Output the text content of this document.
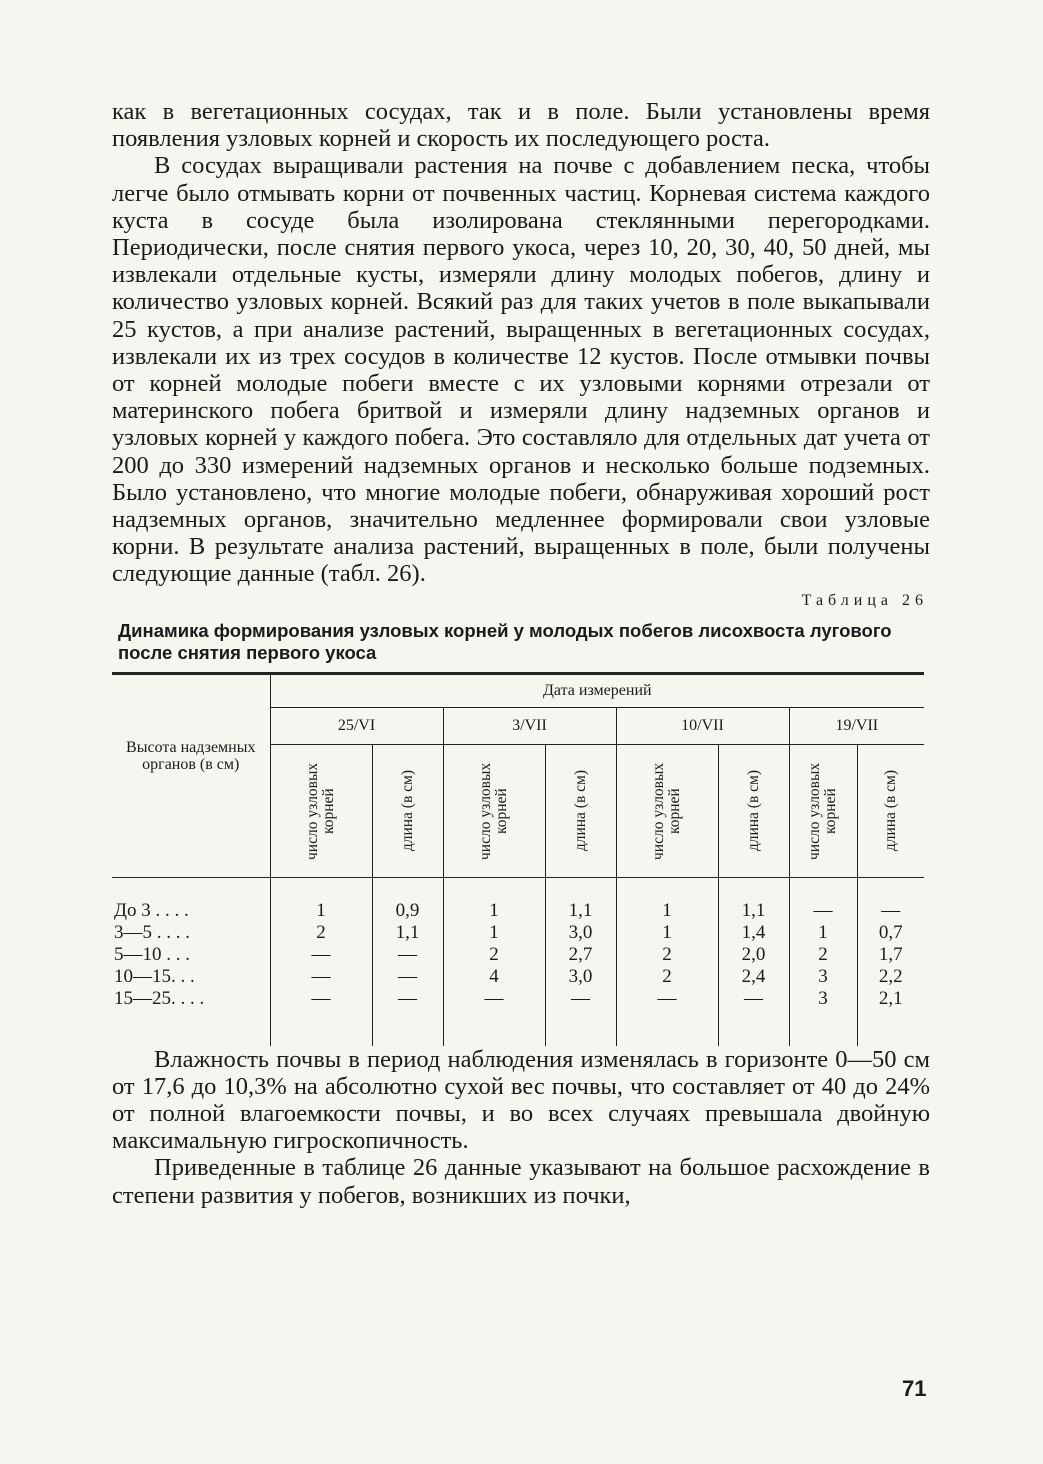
как в вегетационных сосудах, так и в поле. Были установлены время появления узловых корней и скорость их последующего роста.

В сосудах выращивали растения на почве с добавлением песка, чтобы легче было отмывать корни от почвенных частиц. Корневая система каждого куста в сосуде была изолирована стеклянными перегородками. Периодически, после снятия первого укоса, через 10, 20, 30, 40, 50 дней, мы извлекали отдельные кусты, измеряли длину молодых побегов, длину и количество узловых корней. Всякий раз для таких учетов в поле выкапывали 25 кустов, а при анализе растений, выращенных в вегетационных сосудах, извлекали их из трех сосудов в количестве 12 кустов. После отмывки почвы от корней молодые побеги вместе с их узловыми корнями отрезали от материнского побега бритвой и измеряли длину надземных органов и узловых корней у каждого побега. Это составляло для отдельных дат учета от 200 до 330 измерений надземных органов и несколько больше подземных. Было установлено, что многие молодые побеги, обнаруживая хороший рост надземных органов, значительно медленнее формировали свои узловые корни. В результате анализа растений, выращенных в поле, были получены следующие данные (табл. 26).

Таблица 26
Динамика формирования узловых корней у молодых побегов лисохвоста лугового после снятия первого укоса
Высота надземных органов (в см)	Дата измерений							
	25/VI		3/VII		10/VII		19/VII	

	число узловых корней	длина (в см)	число узловых корней	длина (в см)	число узловых корней	длина (в см)	число узловых корней	длина (в см)

До 3 . . . .	1	0,9	1	1,1	1	1,1	—	—
3—5 . . . .	2	1,1	1	3,0	1	1,4	1	0,7
5—10 . . .	—	—	2	2,7	2	2,0	2	1,7
10—15. . .	—	—	4	3,0	2	2,4	3	2,2
15—25. . . .	—	—	—	—	—	—	3	2,1

Влажность почвы в период наблюдения изменялась в горизонте 0—50 см от 17,6 до 10,3% на абсолютно сухой вес почвы, что составляет от 40 до 24% от полной влагоемкости почвы, и во всех случаях превышала двойную максимальную гигроскопичность.

Приведенные в таблице 26 данные указывают на большое расхождение в степени развития у побегов, возникших из почки,

71
